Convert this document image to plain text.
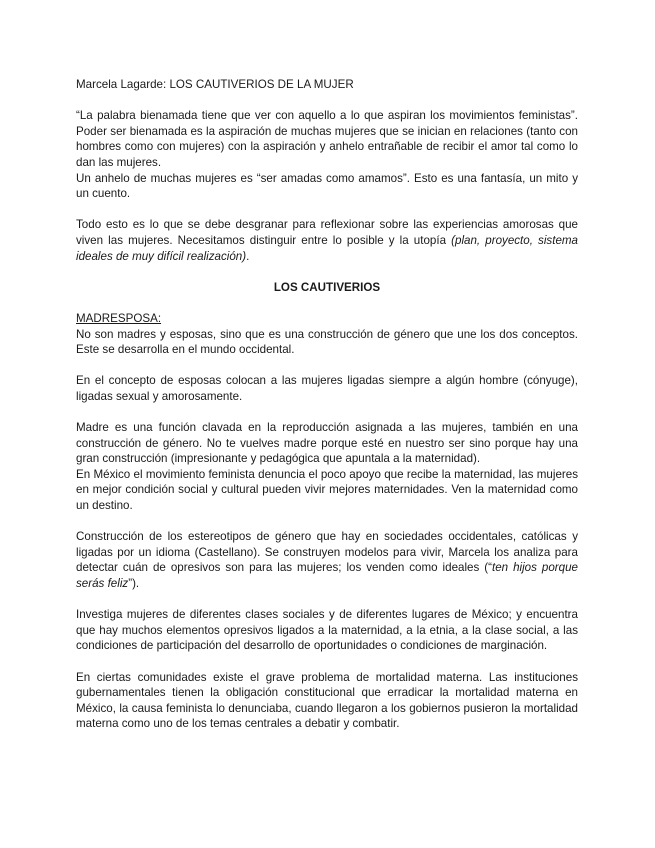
Marcela Lagarde: LOS CAUTIVERIOS DE LA MUJER

“La palabra bienamada tiene que ver con aquello a lo que aspiran los movimientos feministas”. Poder ser bienamada es la aspiración de muchas mujeres que se inician en relaciones (tanto con hombres como con mujeres) con la aspiración y anhelo entrañable de recibir el amor tal como lo dan las mujeres.

Un anhelo de muchas mujeres es “ser amadas como amamos”. Esto es una fantasía, un mito y un cuento.

Todo esto es lo que se debe desgranar para reflexionar sobre las experiencias amorosas que viven las mujeres. Necesitamos distinguir entre lo posible y la utopía (plan, proyecto, sistema ideales de muy difícil realización).

LOS CAUTIVERIOS

MADRESPOSA:

No son madres y esposas, sino que es una construcción de género que une los dos conceptos. Este se desarrolla en el mundo occidental.

En el concepto de esposas colocan a las mujeres ligadas siempre a algún hombre (cónyuge), ligadas sexual y amorosamente.

Madre es una función clavada en la reproducción asignada a las mujeres, también en una construcción de género. No te vuelves madre porque esté en nuestro ser sino porque hay una gran construcción (impresionante y pedagógica que apuntala a la maternidad).

En México el movimiento feminista denuncia el poco apoyo que recibe la maternidad, las mujeres en mejor condición social y cultural pueden vivir mejores maternidades. Ven la maternidad como un destino.

Construcción de los estereotipos de género que hay en sociedades occidentales, católicas y ligadas por un idioma (Castellano). Se construyen modelos para vivir, Marcela los analiza para detectar cuán de opresivos son para las mujeres; los venden como ideales (“ten hijos porque serás feliz”).

Investiga mujeres de diferentes clases sociales y de diferentes lugares de México; y encuentra que hay muchos elementos opresivos ligados a la maternidad, a la etnia, a la clase social, a las condiciones de participación del desarrollo de oportunidades o condiciones de marginación.

En ciertas comunidades existe el grave problema de mortalidad materna. Las instituciones gubernamentales tienen la obligación constitucional que erradicar la mortalidad materna en México, la causa feminista lo denunciaba, cuando llegaron a los gobiernos pusieron la mortalidad materna como uno de los temas centrales a debatir y combatir.
